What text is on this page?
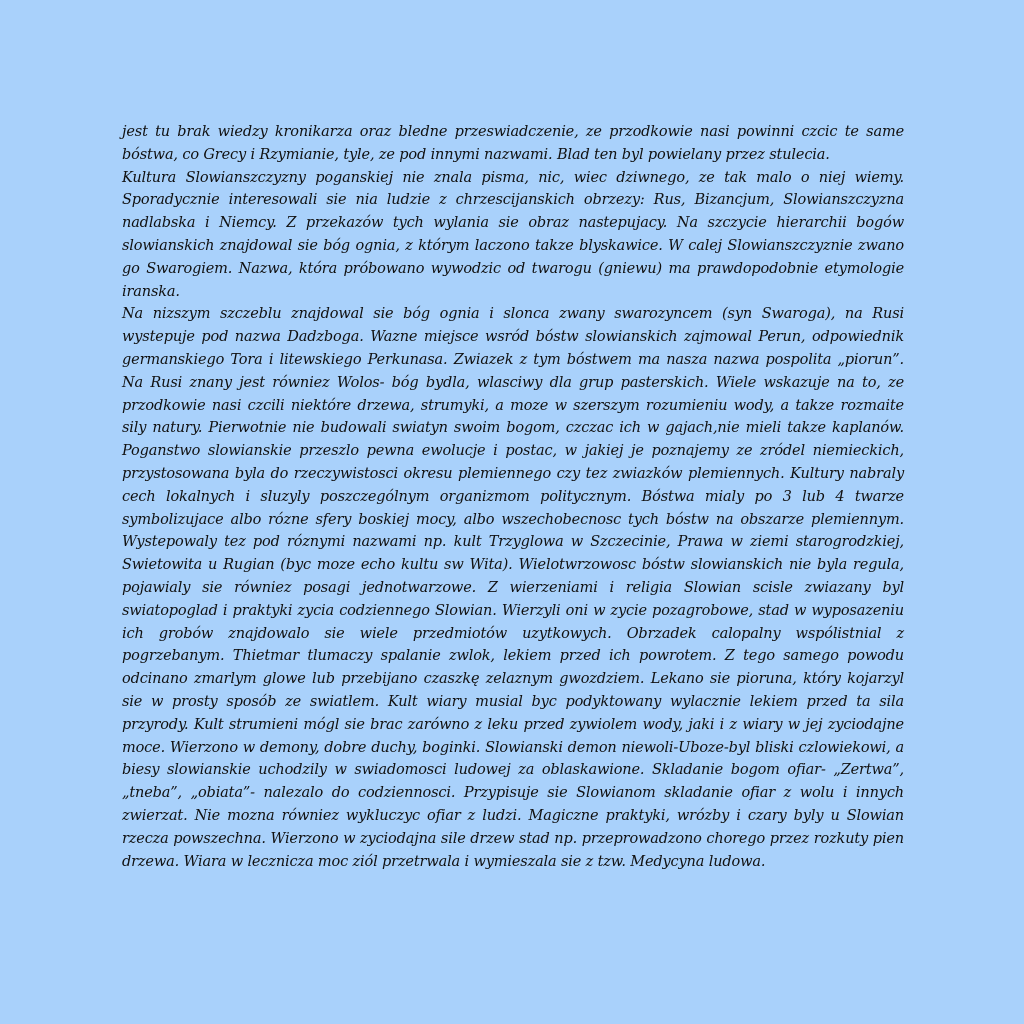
jest tu brak wiedzy kronikarza oraz bledne przeswiadczenie, ze przodkowie nasi powinni czcic te same bóstwa, co Grecy i Rzymianie, tyle, ze pod innymi nazwami. Blad ten byl powielany przez stulecia.

Kultura Slowianszczyzny poganskiej nie znala pisma, nic, wiec dziwnego, ze tak malo o niej wiemy. Sporadycznie interesowali sie nia ludzie z chrzescijanskich obrzezy: Rus, Bizancjum, Slowianszczyzna nadlabska i Niemcy. Z przekazów tych wylania sie obraz nastepujacy. Na szczycie hierarchii bogów slowianskich znajdowal sie bóg ognia, z którym laczono takze blyskawice. W calej Slowianszczyznie zwano go Swarogiem. Nazwa, która próbowano wywodzic od twarogu (gniewu) ma prawdopodobnie etymologie iranska.

Na nizszym szczeblu znajdowal sie bóg ognia i slonca zwany swarozyncem (syn Swaroga), na Rusi wystepuje pod nazwa Dadzboga. Wazne miejsce wsród bóstw slowianskich zajmowal Perun, odpowiednik germanskiego Tora i litewskiego Perkunasa. Zwiazek z tym bóstwem ma nasza nazwa pospolita „piorun”. Na Rusi znany jest równiez Wolos- bóg bydla, wlasciwy dla grup pasterskich. Wiele wskazuje na to, ze przodkowie nasi czcili niektóre drzewa, strumyki, a moze w szerszym rozumieniu wody, a takze rozmaite sily natury. Pierwotnie nie budowali swiatyn swoim bogom, czczac ich w gajach,nie mieli takze kaplanów. Poganstwo slowianskie przeszlo pewna ewolucje i postac, w jakiej je poznajemy ze zródel niemieckich, przystosowana byla do rzeczywistosci okresu plemiennego czy tez zwiazków plemiennych. Kultury nabraly cech lokalnych i sluzyly poszczególnym organizmom politycznym. Bóstwa mialy po 3 lub 4 twarze symbolizujace albo rózne sfery boskiej mocy, albo wszechobecnosc tych bóstw na obszarze plemiennym. Wystepowaly tez pod róznymi nazwami np. kult Trzyglowa w Szczecinie, Prawa w ziemi starogrodzkiej, Swietowita u Rugian (byc moze echo kultu sw Wita). Wielotwrzowosc bóstw slowianskich nie byla regula, pojawialy sie równiez posagi jednotwarzowe. Z wierzeniami i religia Slowian scisle zwiazany byl swiatopoglad i praktyki zycia codziennego Slowian. Wierzyli oni w zycie pozagrobowe, stad w wyposazeniu ich grobów znajdowalo sie wiele przedmiotów uzytkowych. Obrzadek calopalny wspólistnial z pogrzebanym. Thietmar tlumaczy spalanie zwlok, lekiem przed ich powrotem. Z tego samego powodu odcinano zmarlym glowe lub przebijano czaszkę zelaznym gwozdziem. Lekano sie pioruna, który kojarzyl sie w prosty sposób ze swiatlem. Kult wiary musial byc podyktowany wylacznie lekiem przed ta sila przyrody. Kult strumieni mógl sie brac zarówno z leku przed zywiolem wody, jaki i z wiary w jej zyciodajne moce. Wierzono w demony, dobre duchy, boginki. Slowianski demon niewoli-Uboze-byl bliski czlowiekowi, a biesy slowianskie uchodzily w swiadomosci ludowej za oblaskawione. Skladanie bogom ofiar- „Zertwa”, „tneba”, „obiata”- nalezalo do codziennosci. Przypisuje sie Slowianom skladanie ofiar z wolu i innych zwierzat. Nie mozna równiez wykluczyc ofiar z ludzi. Magiczne praktyki, wrózby i czary byly u Slowian rzecza powszechna. Wierzono w zyciodajna sile drzew stad np. przeprowadzono chorego przez rozkuty pien drzewa. Wiara w lecznicza moc ziól przetrwala i wymieszala sie z tzw. Medycyna ludowa.
